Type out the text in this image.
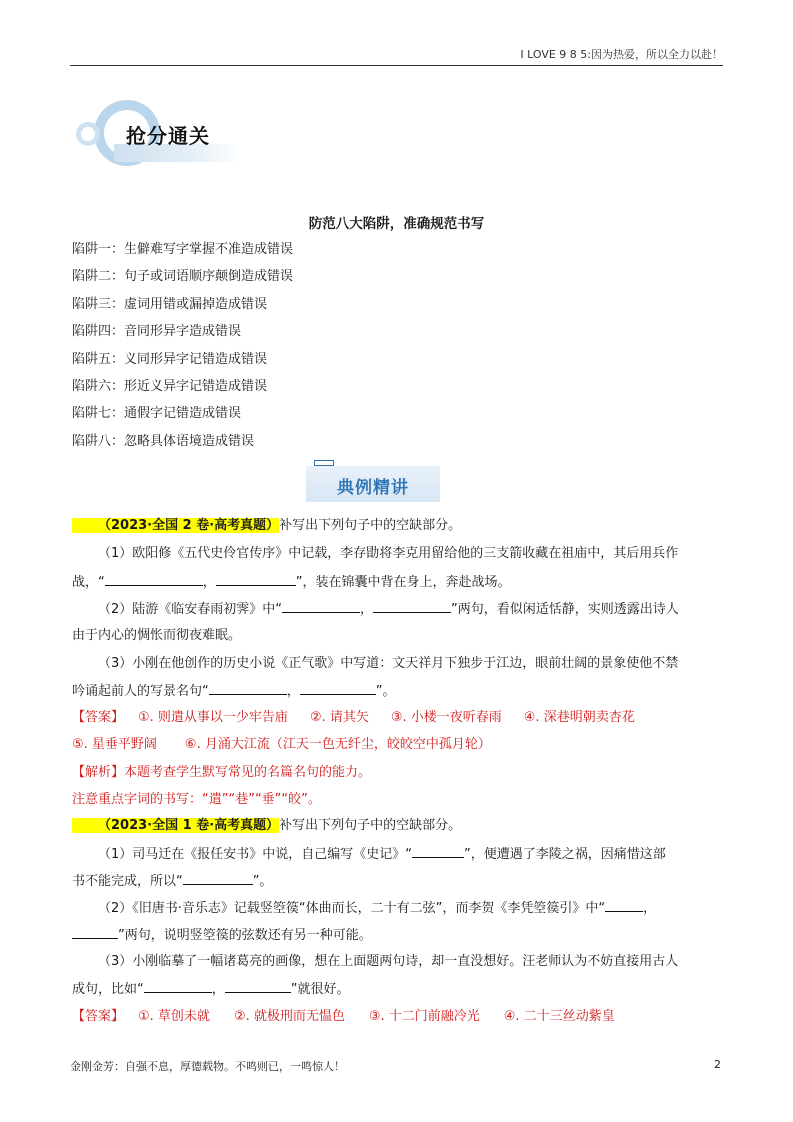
I LOVE 9 8 5:因为热爱，所以全力以赴！
抢分通关
防范八大陷阱，准确规范书写
陷阱一：生僻难写字掌握不准造成错误
陷阱二：句子或词语顺序颠倒造成错误
陷阱三：虚词用错或漏掉造成错误
陷阱四：音同形异字造成错误
陷阱五：义同形异字记错造成错误
陷阱六：形近义异字记错造成错误
陷阱七：通假字记错造成错误
陷阱八：忽略具体语境造成错误
典例精讲
（2023·全国 2 卷·高考真题）补写出下列句子中的空缺部分。
（1）欧阳修《五代史伶官传序》中记载，李存勖将李克用留给他的三支箭收藏在祖庙中，其后用兵作
战，“	，	”，装在锦囊中背在身上，奔赴战场。
（2）陆游《临安春雨初霁》中“	，	”两句，看似闲适恬静，实则透露出诗人
由于内心的惆怅而彻夜难眠。
（3）小刚在他创作的历史小说《正气歌》中写道：文天祥月下独步于江边，眼前壮阔的景象使他不禁
吟诵起前人的写景名句“	，	”。
【答案】 ①. 则遣从事以一少牢告庙 ②. 请其矢 ③. 小楼一夜听春雨 ④. 深巷明朝卖杏花
⑤. 星垂平野阔 ⑥. 月涌大江流（江天一色无纤尘，皎皎空中孤月轮）
【解析】本题考查学生默写常见的名篇名句的能力。
注意重点字词的书写：“遣”“巷”“垂”“皎”。
（2023·全国 1 卷·高考真题）补写出下列句子中的空缺部分。
（1）司马迁在《报任安书》中说，自己编写《史记》“	”，便遭遇了李陵之祸，因痛惜这部
书不能完成，所以“	”。
（2）《旧唐书·音乐志》记载竖箜篌“体曲而长，二十有二弦”，而李贺《李凭箜篌引》中“	，
”两句，说明竖箜篌的弦数还有另一种可能。
（3）小刚临摹了一幅诸葛亮的画像，想在上面题两句诗，却一直没想好。汪老师认为不妨直接用古人
成句，比如“	，	”就很好。
【答案】 ①. 草创未就 ②. 就极刑而无愠色 ③. 十二门前融冷光 ④. 二十三丝动紫皇
金刚金芳：自强不息，厚德载物。不鸣则已，一鸣惊人！	2
